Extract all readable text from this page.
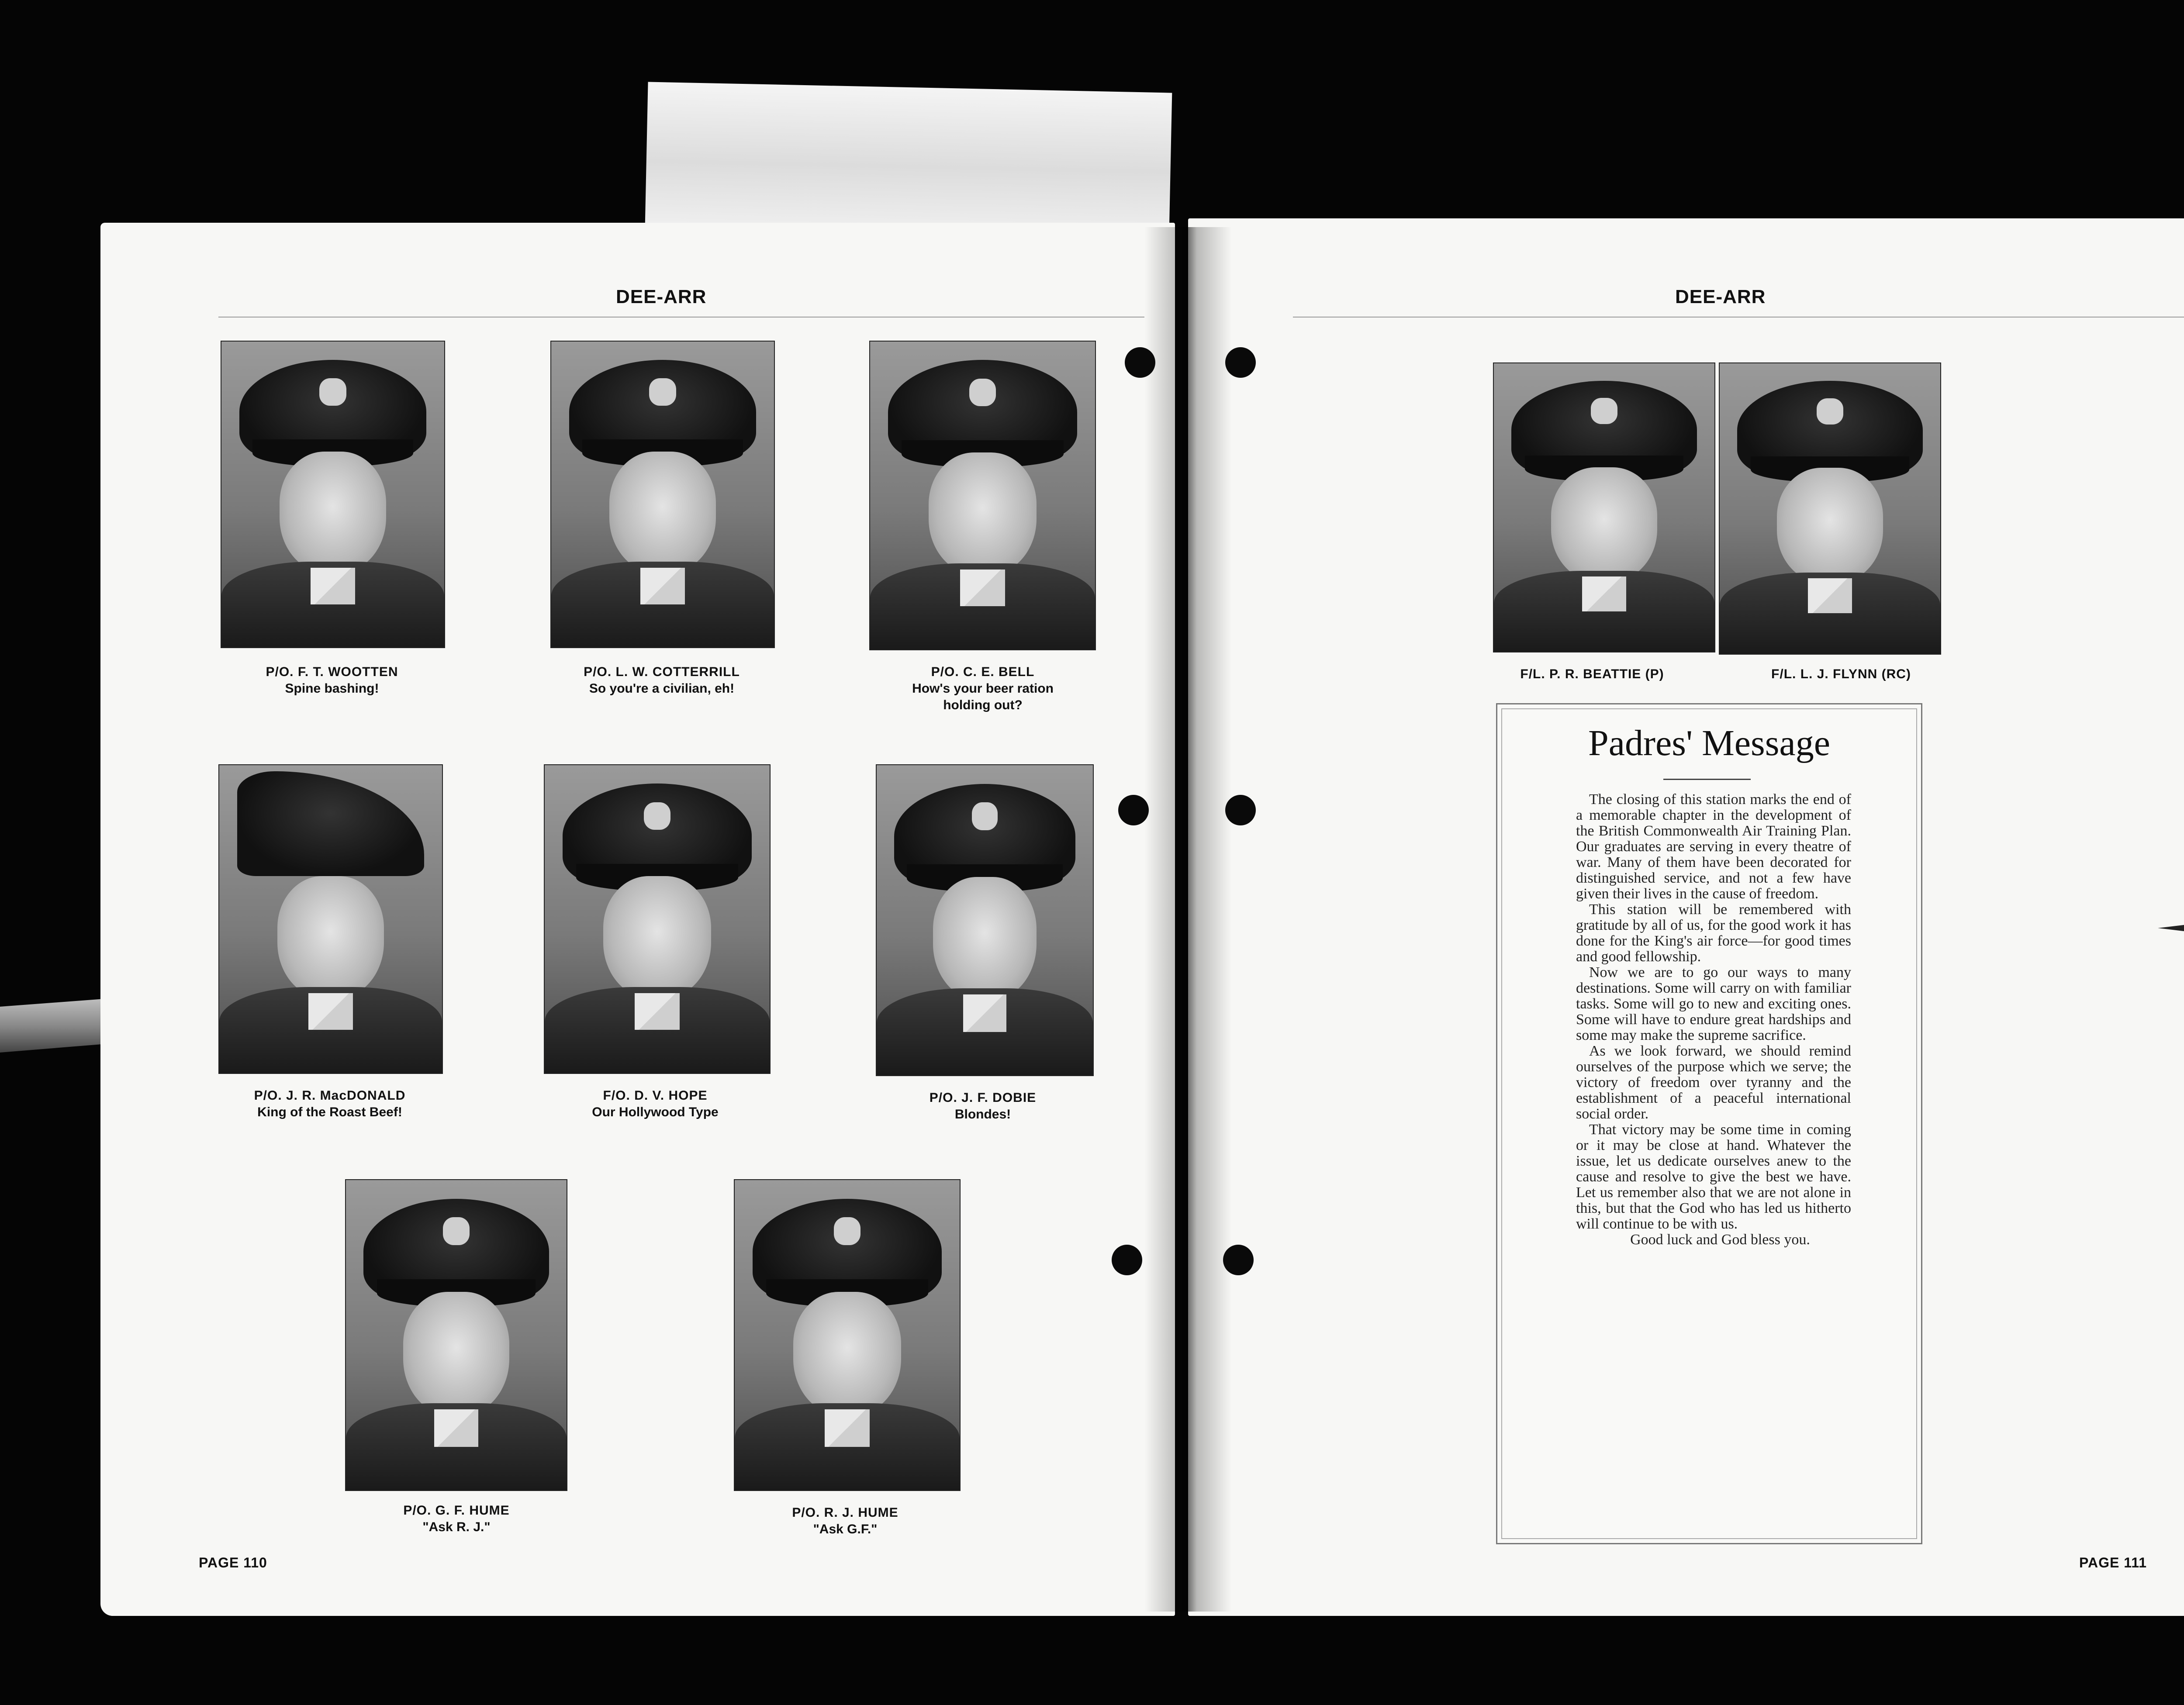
DEE-ARR
P/O. F. T. WOOTTEN
Spine bashing!
P/O. L. W. COTTERRILL
So you're a civilian, eh!
P/O. C. E. BELL
How's your beer ration
holding out?
P/O. J. R. MacDONALD
King of the Roast Beef!
F/O. D. V. HOPE
Our Hollywood Type
P/O. J. F. DOBIE
Blondes!
P/O. G. F. HUME
"Ask R. J."
P/O. R. J. HUME
"Ask G.F."
PAGE 110
DEE-ARR
F/L. P. R. BEATTIE (P)	F/L. L. J. FLYNN (RC)
Padres' Message

The closing of this station marks the end of a memorable chapter in the development of the British Commonwealth Air Training Plan. Our graduates are serving in every theatre of war. Many of them have been decorated for distinguished service, and not a few have given their lives in the cause of freedom.

This station will be remembered with gratitude by all of us, for the good work it has done for the King's air force—for good times and good fellowship.

Now we are to go our ways to many destinations. Some will carry on with familiar tasks. Some will go to new and exciting ones. Some will have to endure great hardships and some may make the supreme sacrifice.

As we look forward, we should remind ourselves of the purpose which we serve; the victory of freedom over tyranny and the establishment of a peaceful international social order.

That victory may be some time in coming or it may be close at hand. Whatever the issue, let us dedicate ourselves anew to the cause and resolve to give the best we have. Let us remember also that we are not alone in this, but that the God who has led us hitherto will continue to be with us.

Good luck and God bless you.

PAGE 111
